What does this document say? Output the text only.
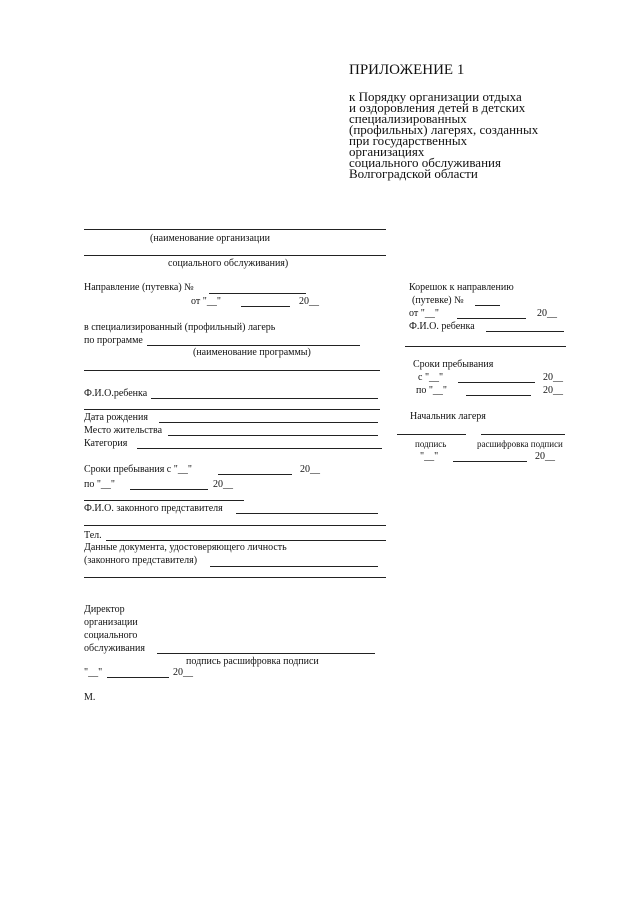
ПРИЛОЖЕНИЕ 1
к Порядку организации отдыха
и оздоровления детей в детских
специализированных
(профильных) лагерях, созданных
при государственных
организациях
социального обслуживания
Волгоградской области
(наименование организации
социального обслуживания)
Направление (путевка) №
от "__"	20__
в специализированный (профильный) лагерь
по программе
(наименование программы)
Ф.И.О.ребенка
Дата рождения
Место жительства
Категория
Сроки пребывания с "__"	20__
по "__"	20__
Ф.И.О. законного представителя
Тел.
Данные документа, удостоверяющего личность
(законного представителя)
Директор
организации
социального
обслуживания
подпись расшифровка подписи
"__"	20__
М.
Корешок к направлению
(путевке) №
от "__"	20__
Ф.И.О. ребенка
Сроки пребывания
с "__"	20__
по "__"	20__
Начальник лагеря
подпись	расшифровка подписи
"__"	20__
